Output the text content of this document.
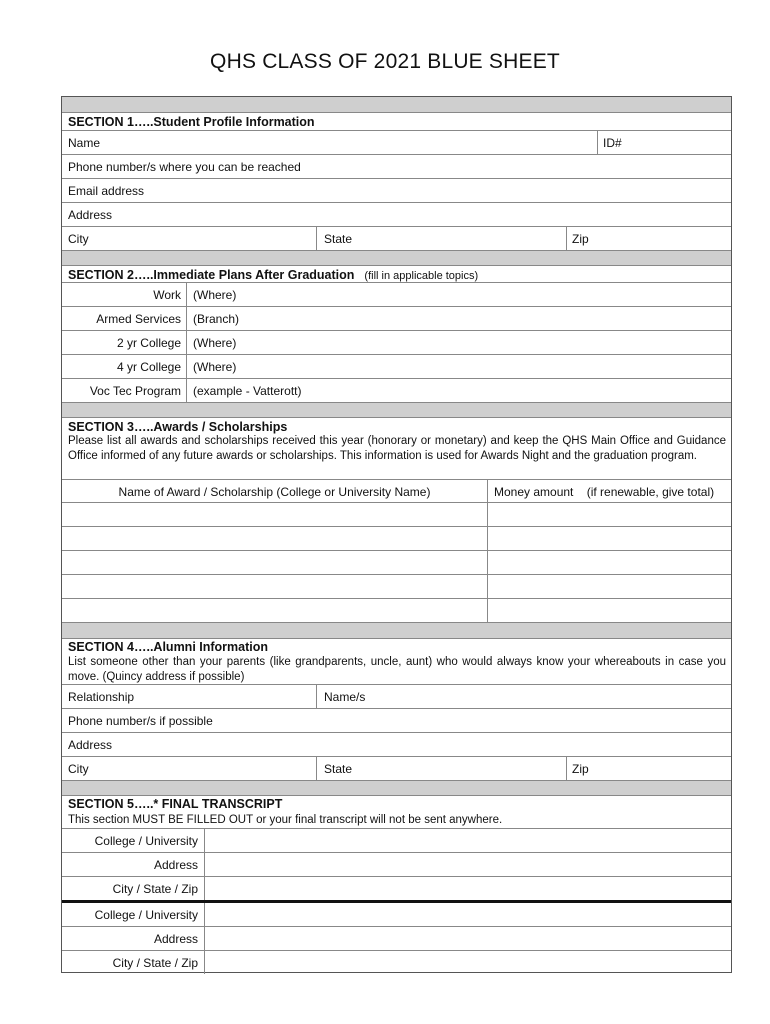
QHS CLASS OF 2021 BLUE SHEET
SECTION 1…..Student Profile Information
Name	ID#
Phone number/s where you can be reached
Email address
Address
City	State	Zip
SECTION 2…..Immediate Plans After Graduation (fill in applicable topics)
Work (Where)
Armed Services (Branch)
2 yr College (Where)
4 yr College (Where)
Voc Tec Program (example - Vatterott)
SECTION 3…..Awards / Scholarships
Please list all awards and scholarships received this year (honorary or monetary) and keep the QHS Main Office and Guidance Office informed of any future awards or scholarships. This information is used for Awards Night and the graduation program.
Name of Award / Scholarship (College or University Name)	Money amount    (if renewable, give total)
SECTION 4…..Alumni Information
List someone other than your parents (like grandparents, uncle, aunt) who would always know your whereabouts in case you move. (Quincy address if possible)
Relationship	Name/s
Phone number/s if possible
Address
City	State	Zip
SECTION 5…..* FINAL TRANSCRIPT
This section MUST BE FILLED OUT or your final transcript will not be sent anywhere.
College / University
Address
City / State / Zip
College / University
Address
City / State / Zip
